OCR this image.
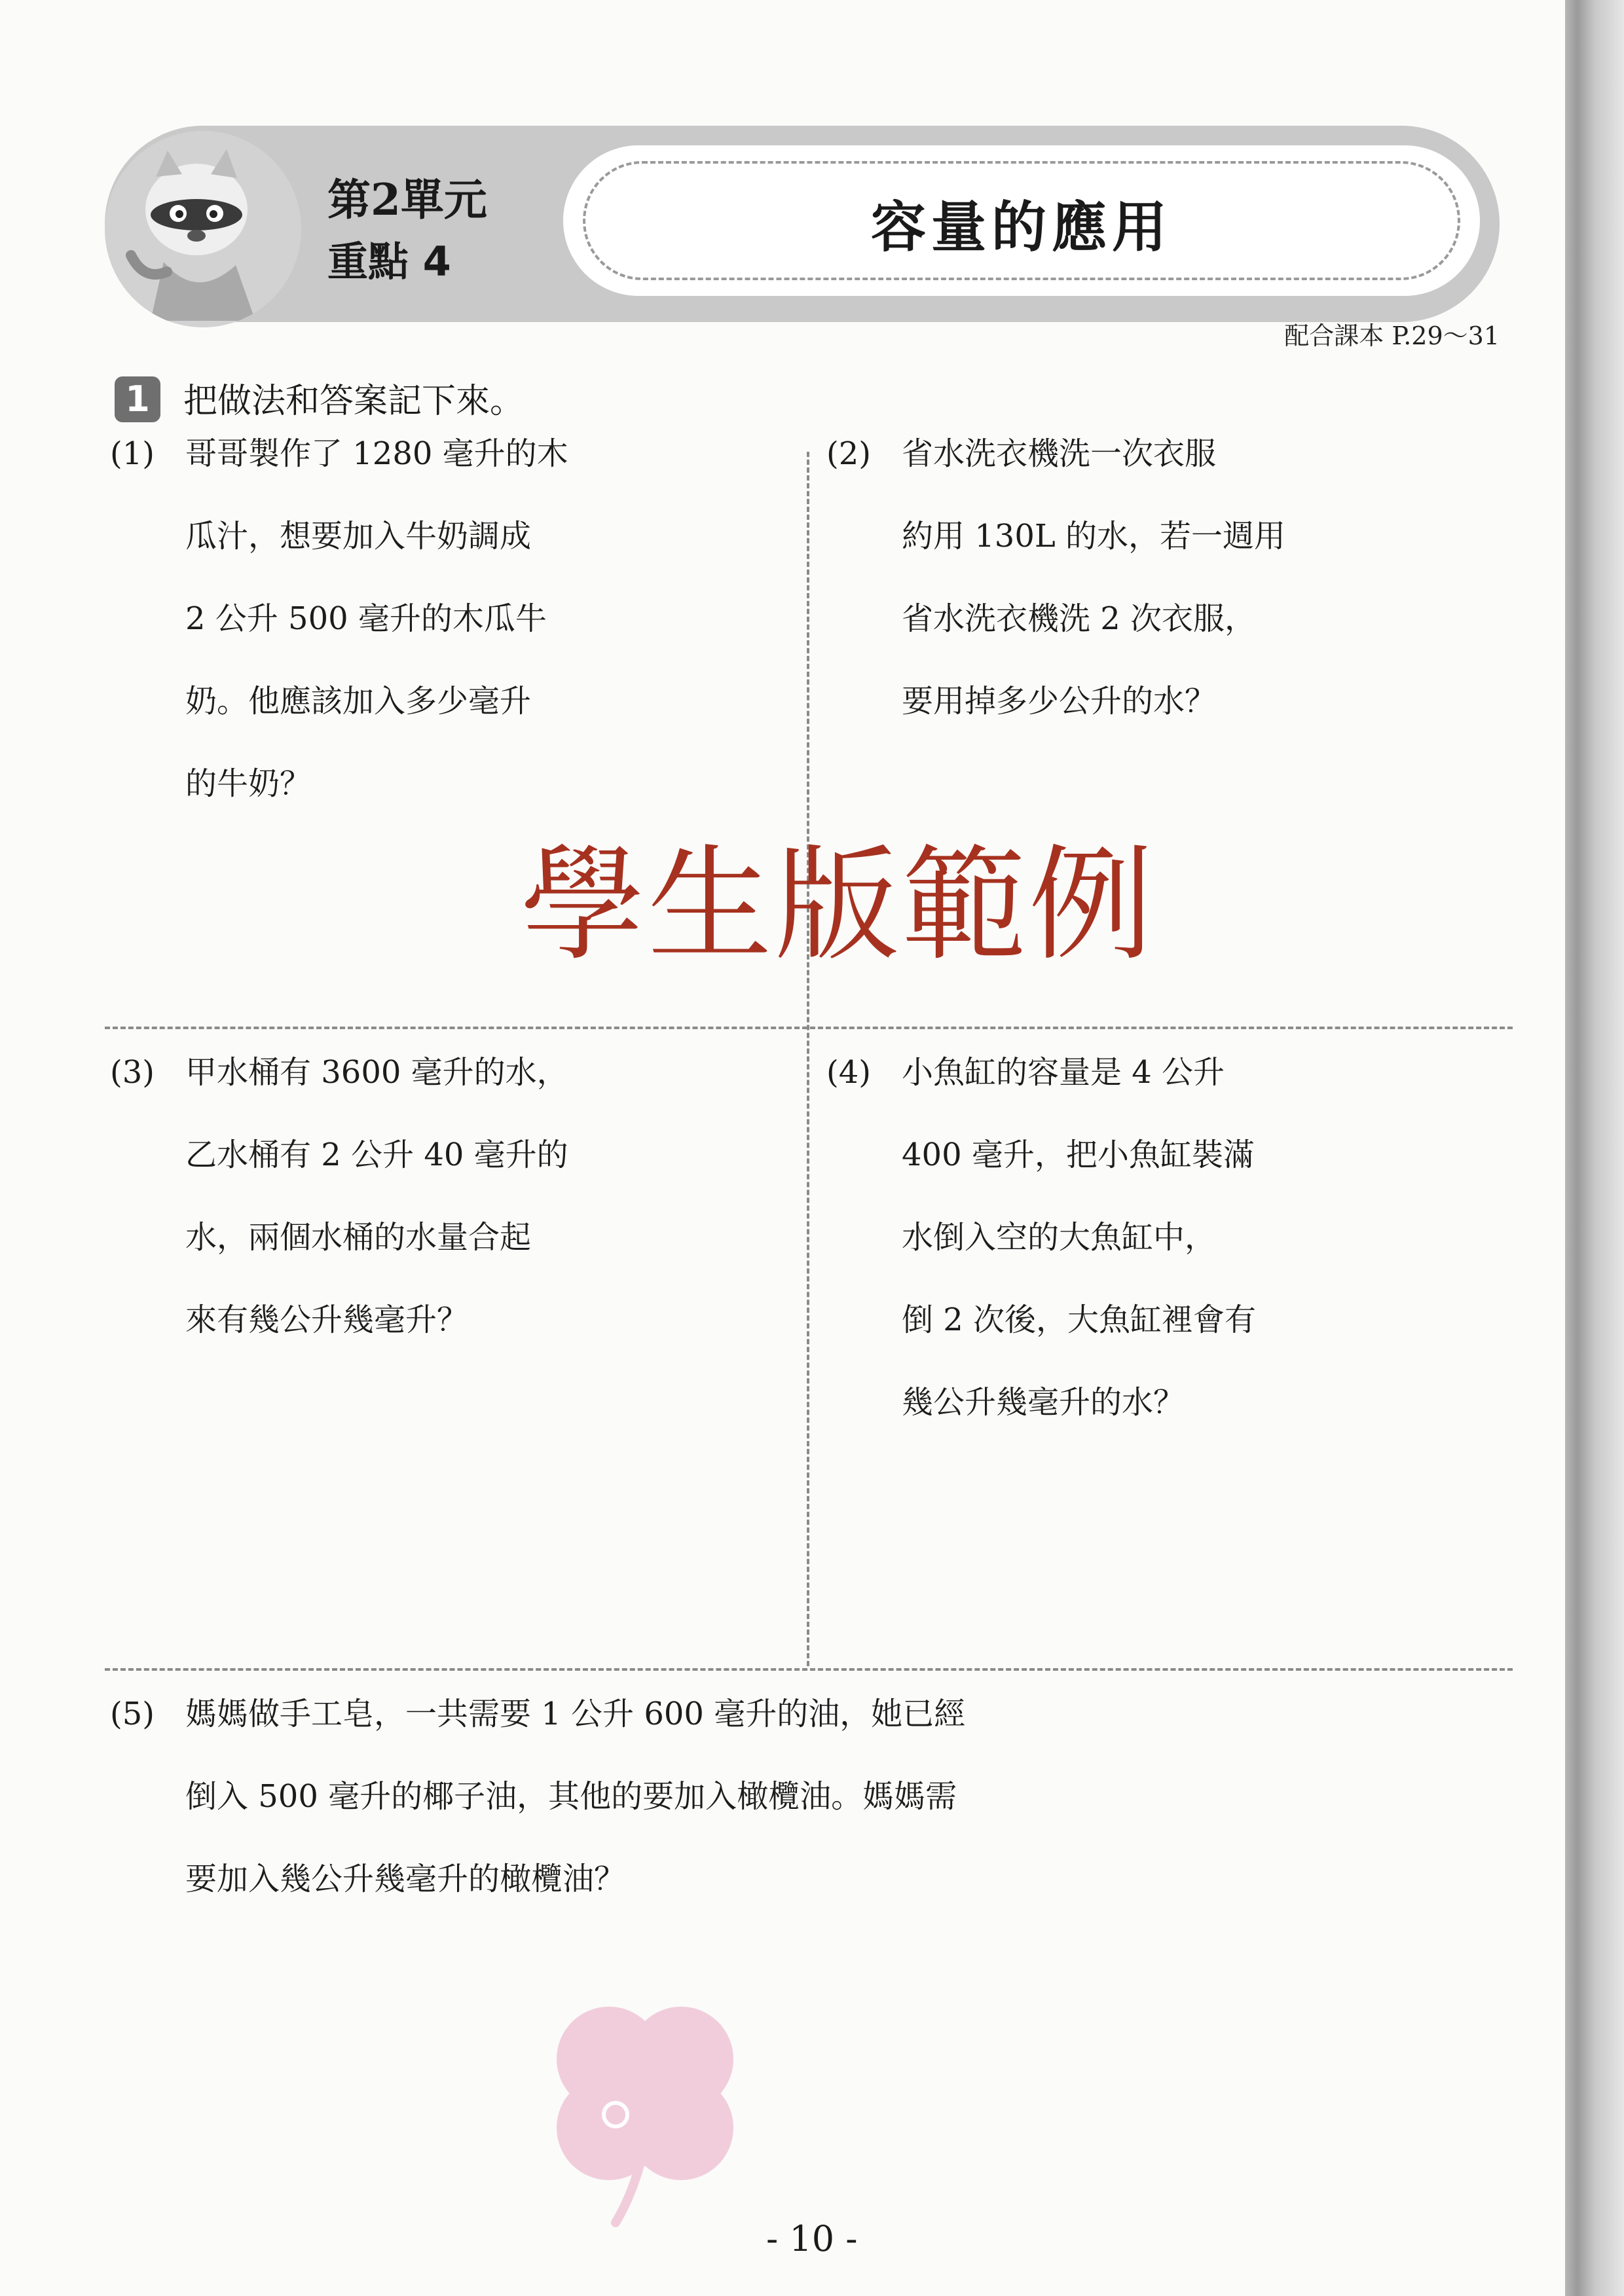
第2單元
重點 4
容量的應用
配合課本 P.29～31
1 把做法和答案記下來。
學生版範例
(1) 哥哥製作了 1280 毫升的木
瓜汁，想要加入牛奶調成
2 公升 500 毫升的木瓜牛
奶。他應該加入多少毫升
的牛奶？
(2) 省水洗衣機洗一次衣服
約用 130L 的水，若一週用
省水洗衣機洗 2 次衣服，
要用掉多少公升的水？
(3) 甲水桶有 3600 毫升的水，
乙水桶有 2 公升 40 毫升的
水，兩個水桶的水量合起
來有幾公升幾毫升？
(4) 小魚缸的容量是 4 公升
400 毫升，把小魚缸裝滿
水倒入空的大魚缸中，
倒 2 次後，大魚缸裡會有
幾公升幾毫升的水？
(5) 媽媽做手工皂，一共需要 1 公升 600 毫升的油，她已經
倒入 500 毫升的椰子油，其他的要加入橄欖油。媽媽需
要加入幾公升幾毫升的橄欖油？
- 10 -
